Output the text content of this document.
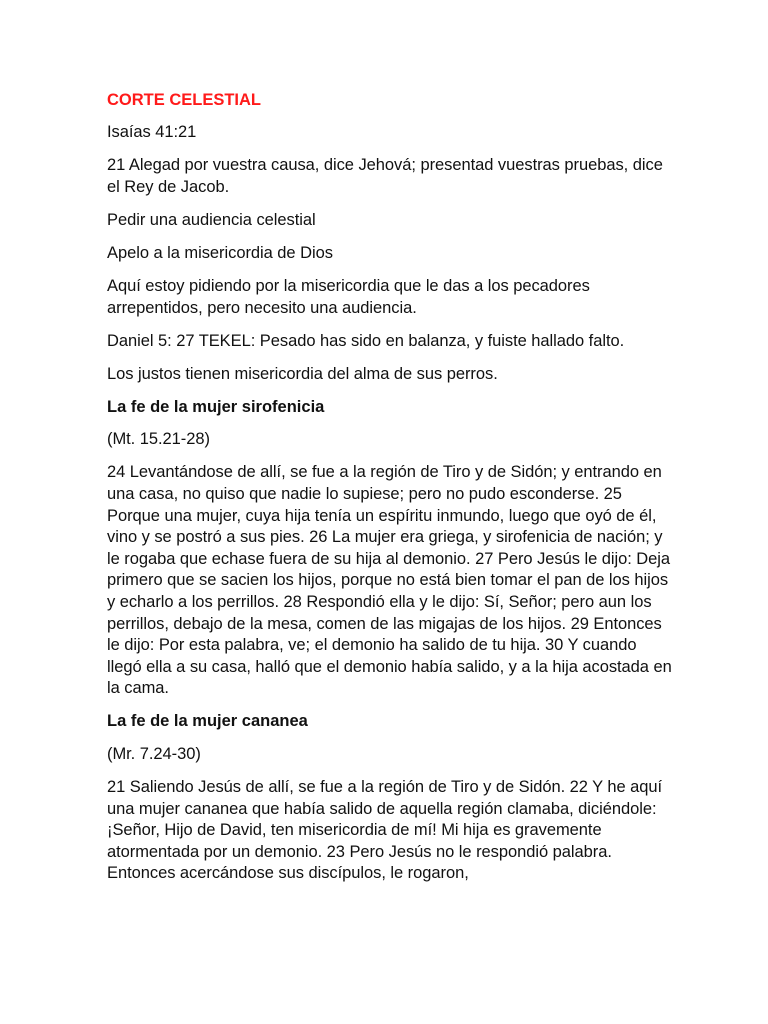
CORTE CELESTIAL
Isaías 41:21
21 Alegad por vuestra causa, dice Jehová; presentad vuestras pruebas, dice el Rey de Jacob.
Pedir una audiencia celestial
Apelo a la misericordia de Dios
Aquí estoy pidiendo por la misericordia que le das a los pecadores arrepentidos, pero necesito una audiencia.
Daniel 5: 27 TEKEL: Pesado has sido en balanza, y fuiste hallado falto.
Los justos tienen misericordia del alma de sus perros.
La fe de la mujer sirofenicia
(Mt. 15.21-28)
24 Levantándose de allí, se fue a la región de Tiro y de Sidón; y entrando en una casa, no quiso que nadie lo supiese; pero no pudo esconderse. 25 Porque una mujer, cuya hija tenía un espíritu inmundo, luego que oyó de él, vino y se postró a sus pies. 26 La mujer era griega, y sirofenicia de nación; y le rogaba que echase fuera de su hija al demonio. 27 Pero Jesús le dijo: Deja primero que se sacien los hijos, porque no está bien tomar el pan de los hijos y echarlo a los perrillos. 28 Respondió ella y le dijo: Sí, Señor; pero aun los perrillos, debajo de la mesa, comen de las migajas de los hijos. 29 Entonces le dijo: Por esta palabra, ve; el demonio ha salido de tu hija. 30 Y cuando llegó ella a su casa, halló que el demonio había salido, y a la hija acostada en la cama.
La fe de la mujer cananea
(Mr. 7.24-30)
21 Saliendo Jesús de allí, se fue a la región de Tiro y de Sidón. 22 Y he aquí una mujer cananea que había salido de aquella región clamaba, diciéndole: ¡Señor, Hijo de David, ten misericordia de mí! Mi hija es gravemente atormentada por un demonio. 23 Pero Jesús no le respondió palabra. Entonces acercándose sus discípulos, le rogaron,
